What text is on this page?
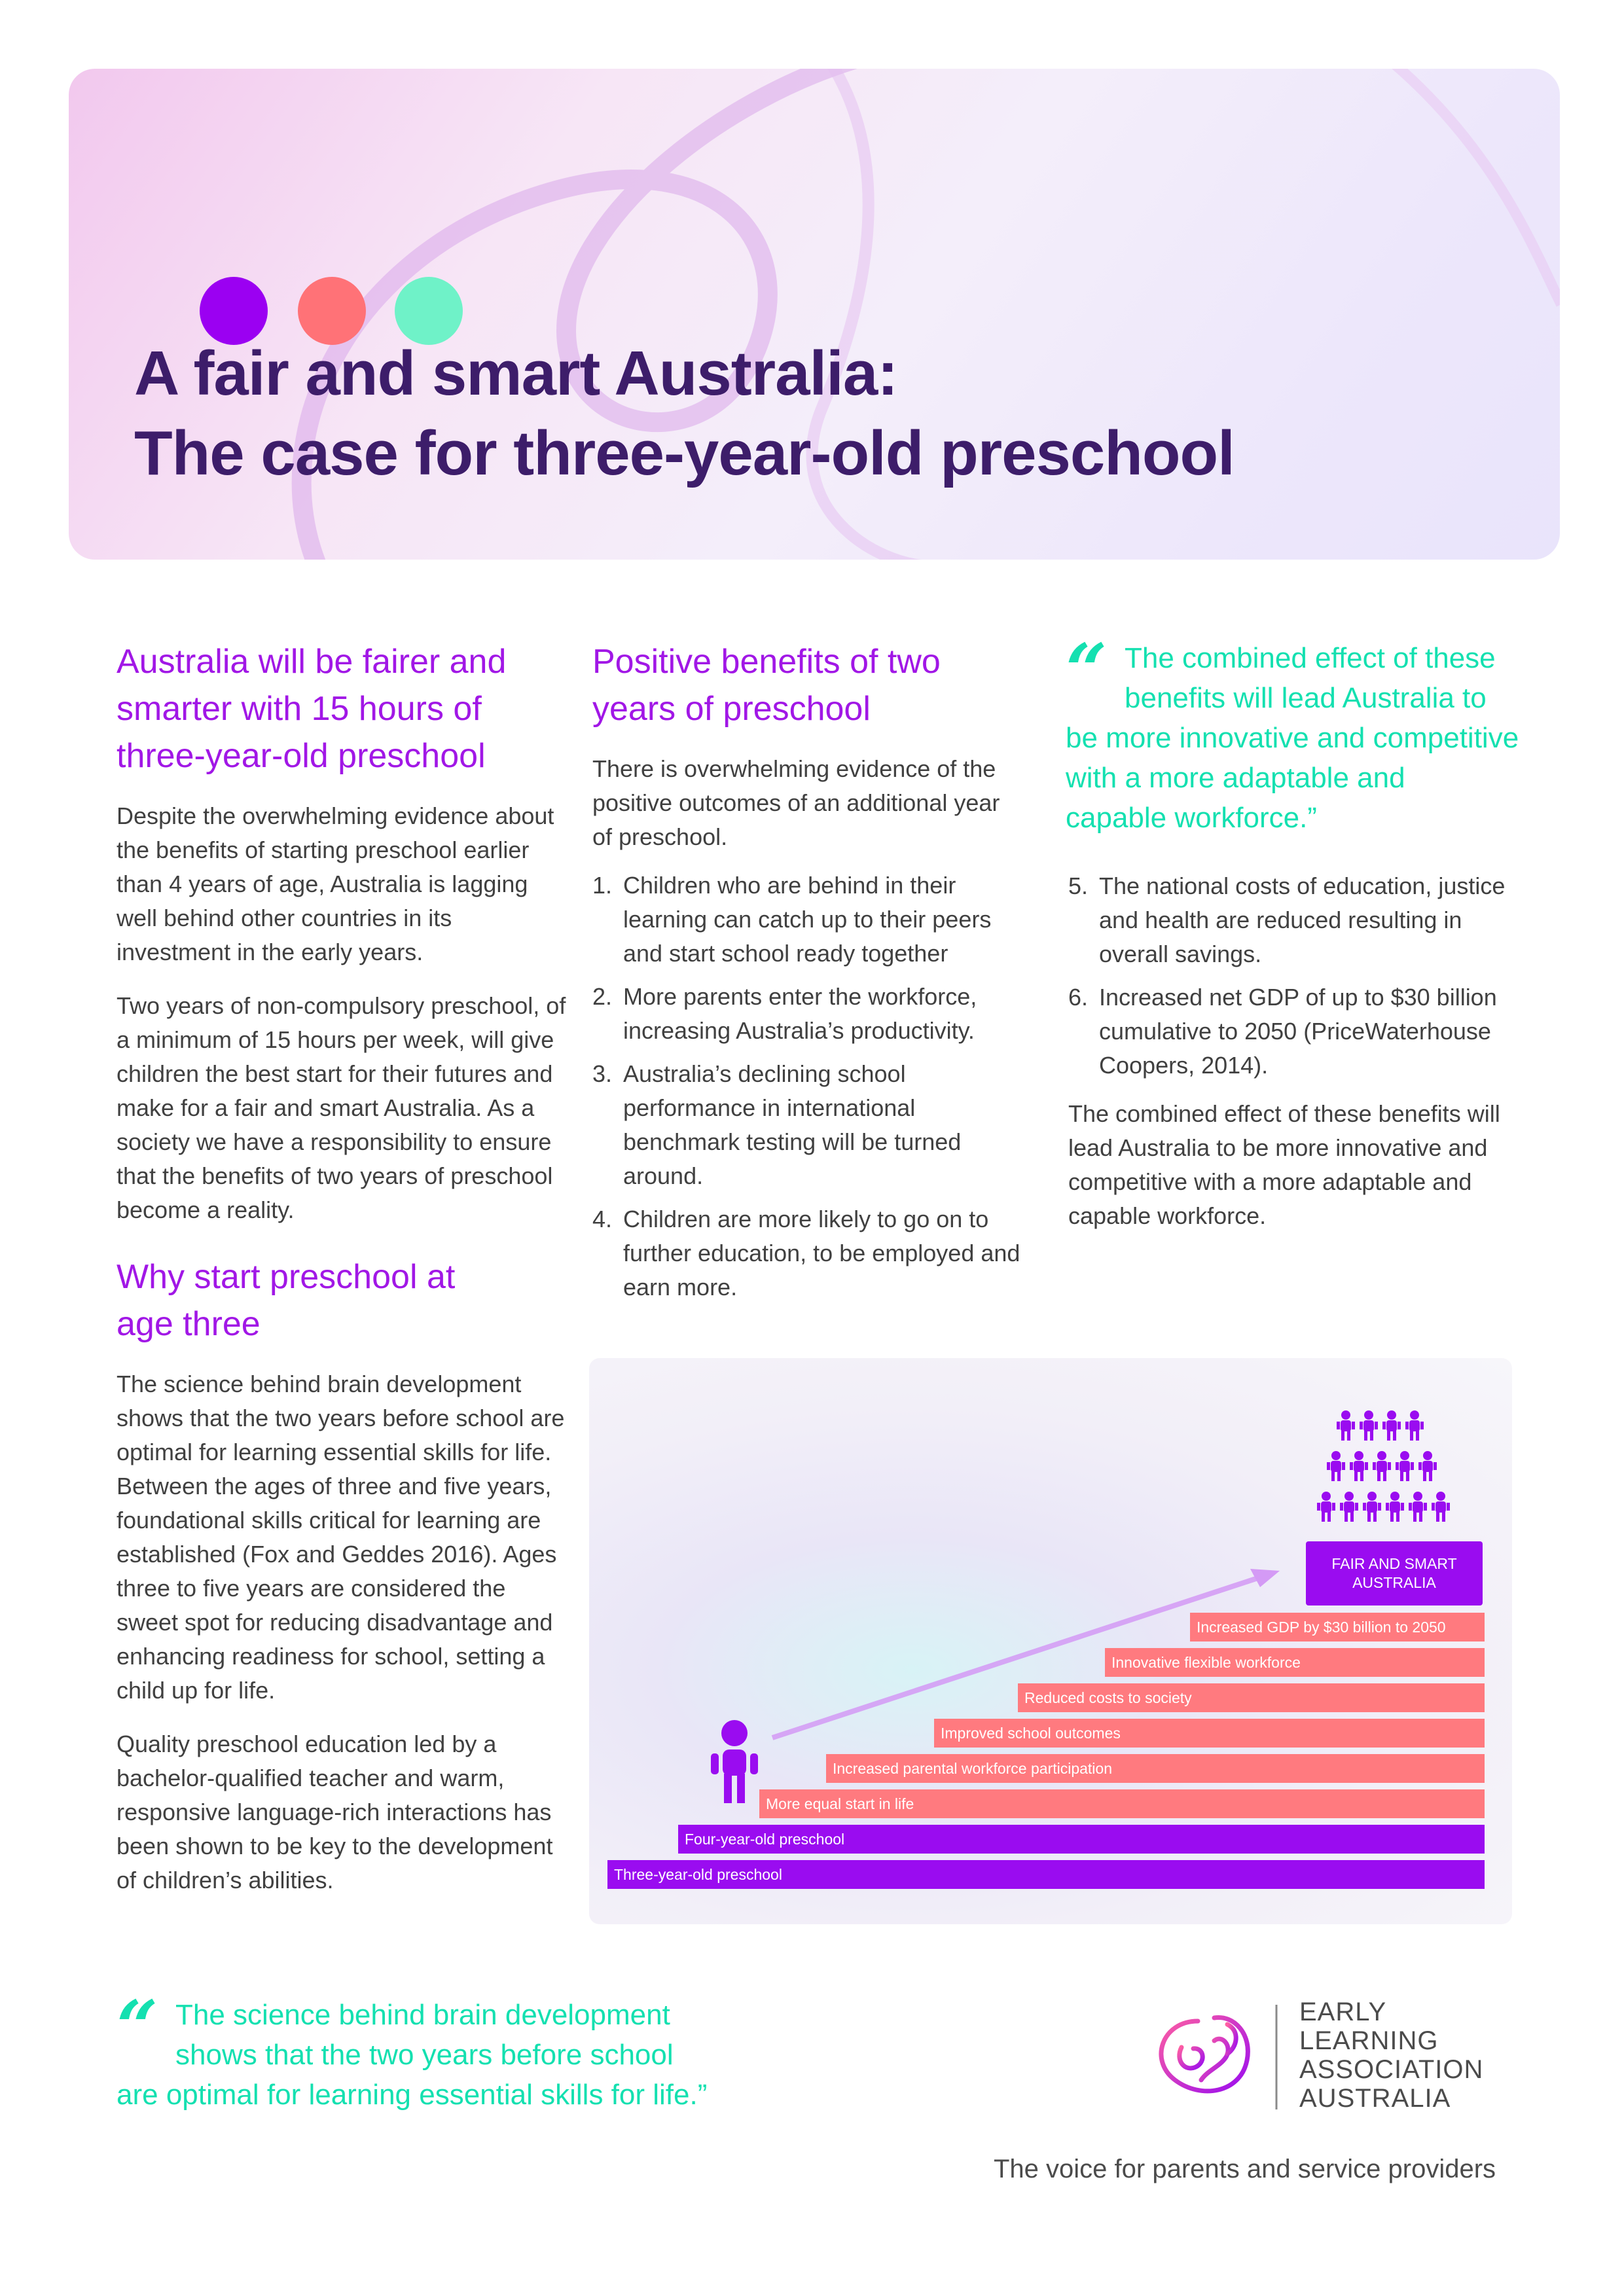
A fair and smart Australia:
The case for three-year-old preschool
Australia will be fairer and smarter with 15 hours of three-year-old preschool

Despite the overwhelming evidence about the benefits of starting preschool earlier than 4 years of age, Australia is lagging well behind other countries in its investment in the early years.

Two years of non-compulsory preschool, of a minimum of 15 hours per week, will give children the best start for their futures and make for a fair and smart Australia. As a society we have a responsibility to ensure that the benefits of two years of preschool become a reality.

Why start preschool at age three

The science behind brain development shows that the two years before school are optimal for learning essential skills for life. Between the ages of three and five years, foundational skills critical for learning are established (Fox and Geddes 2016). Ages three to five years are considered the sweet spot for reducing disadvantage and enhancing readiness for school, setting a child up for life.

Quality preschool education led by a bachelor-qualified teacher and warm, responsive language-rich interactions has been shown to be key to the development of children’s abilities.

Positive benefits of two years of preschool

There is overwhelming evidence of the positive outcomes of an additional year of preschool.

1. Children who are behind in their learning can catch up to their peers and start school ready together
2. More parents enter the workforce, increasing Australia’s productivity.
3. Australia’s declining school performance in international benchmark testing will be turned around.
4. Children are more likely to go on to further education, to be employed and earn more.
“ The combined effect of these
benefits will lead Australia to
be more innovative and competitive
with a more adaptable and
capable workforce.”
5. The national costs of education, justice and health are reduced resulting in overall savings.
6. Increased net GDP of up to $30 billion cumulative to 2050 (PriceWaterhouse Coopers, 2014).

The combined effect of these benefits will lead Australia to be more innovative and competitive with a more adaptable and capable workforce.

FAIR AND SMART AUSTRALIA
Three-year-old preschool
Four-year-old preschool
More equal start in life
Increased parental workforce participation
Improved school outcomes
Reduced costs to society
Innovative flexible workforce
Increased GDP by $30 billion to 2050
“ The science behind brain development
shows that the two years before school
are optimal for learning essential skills for life.”
EARLY
LEARNING
ASSOCIATION
AUSTRALIA
The voice for parents and service providers
